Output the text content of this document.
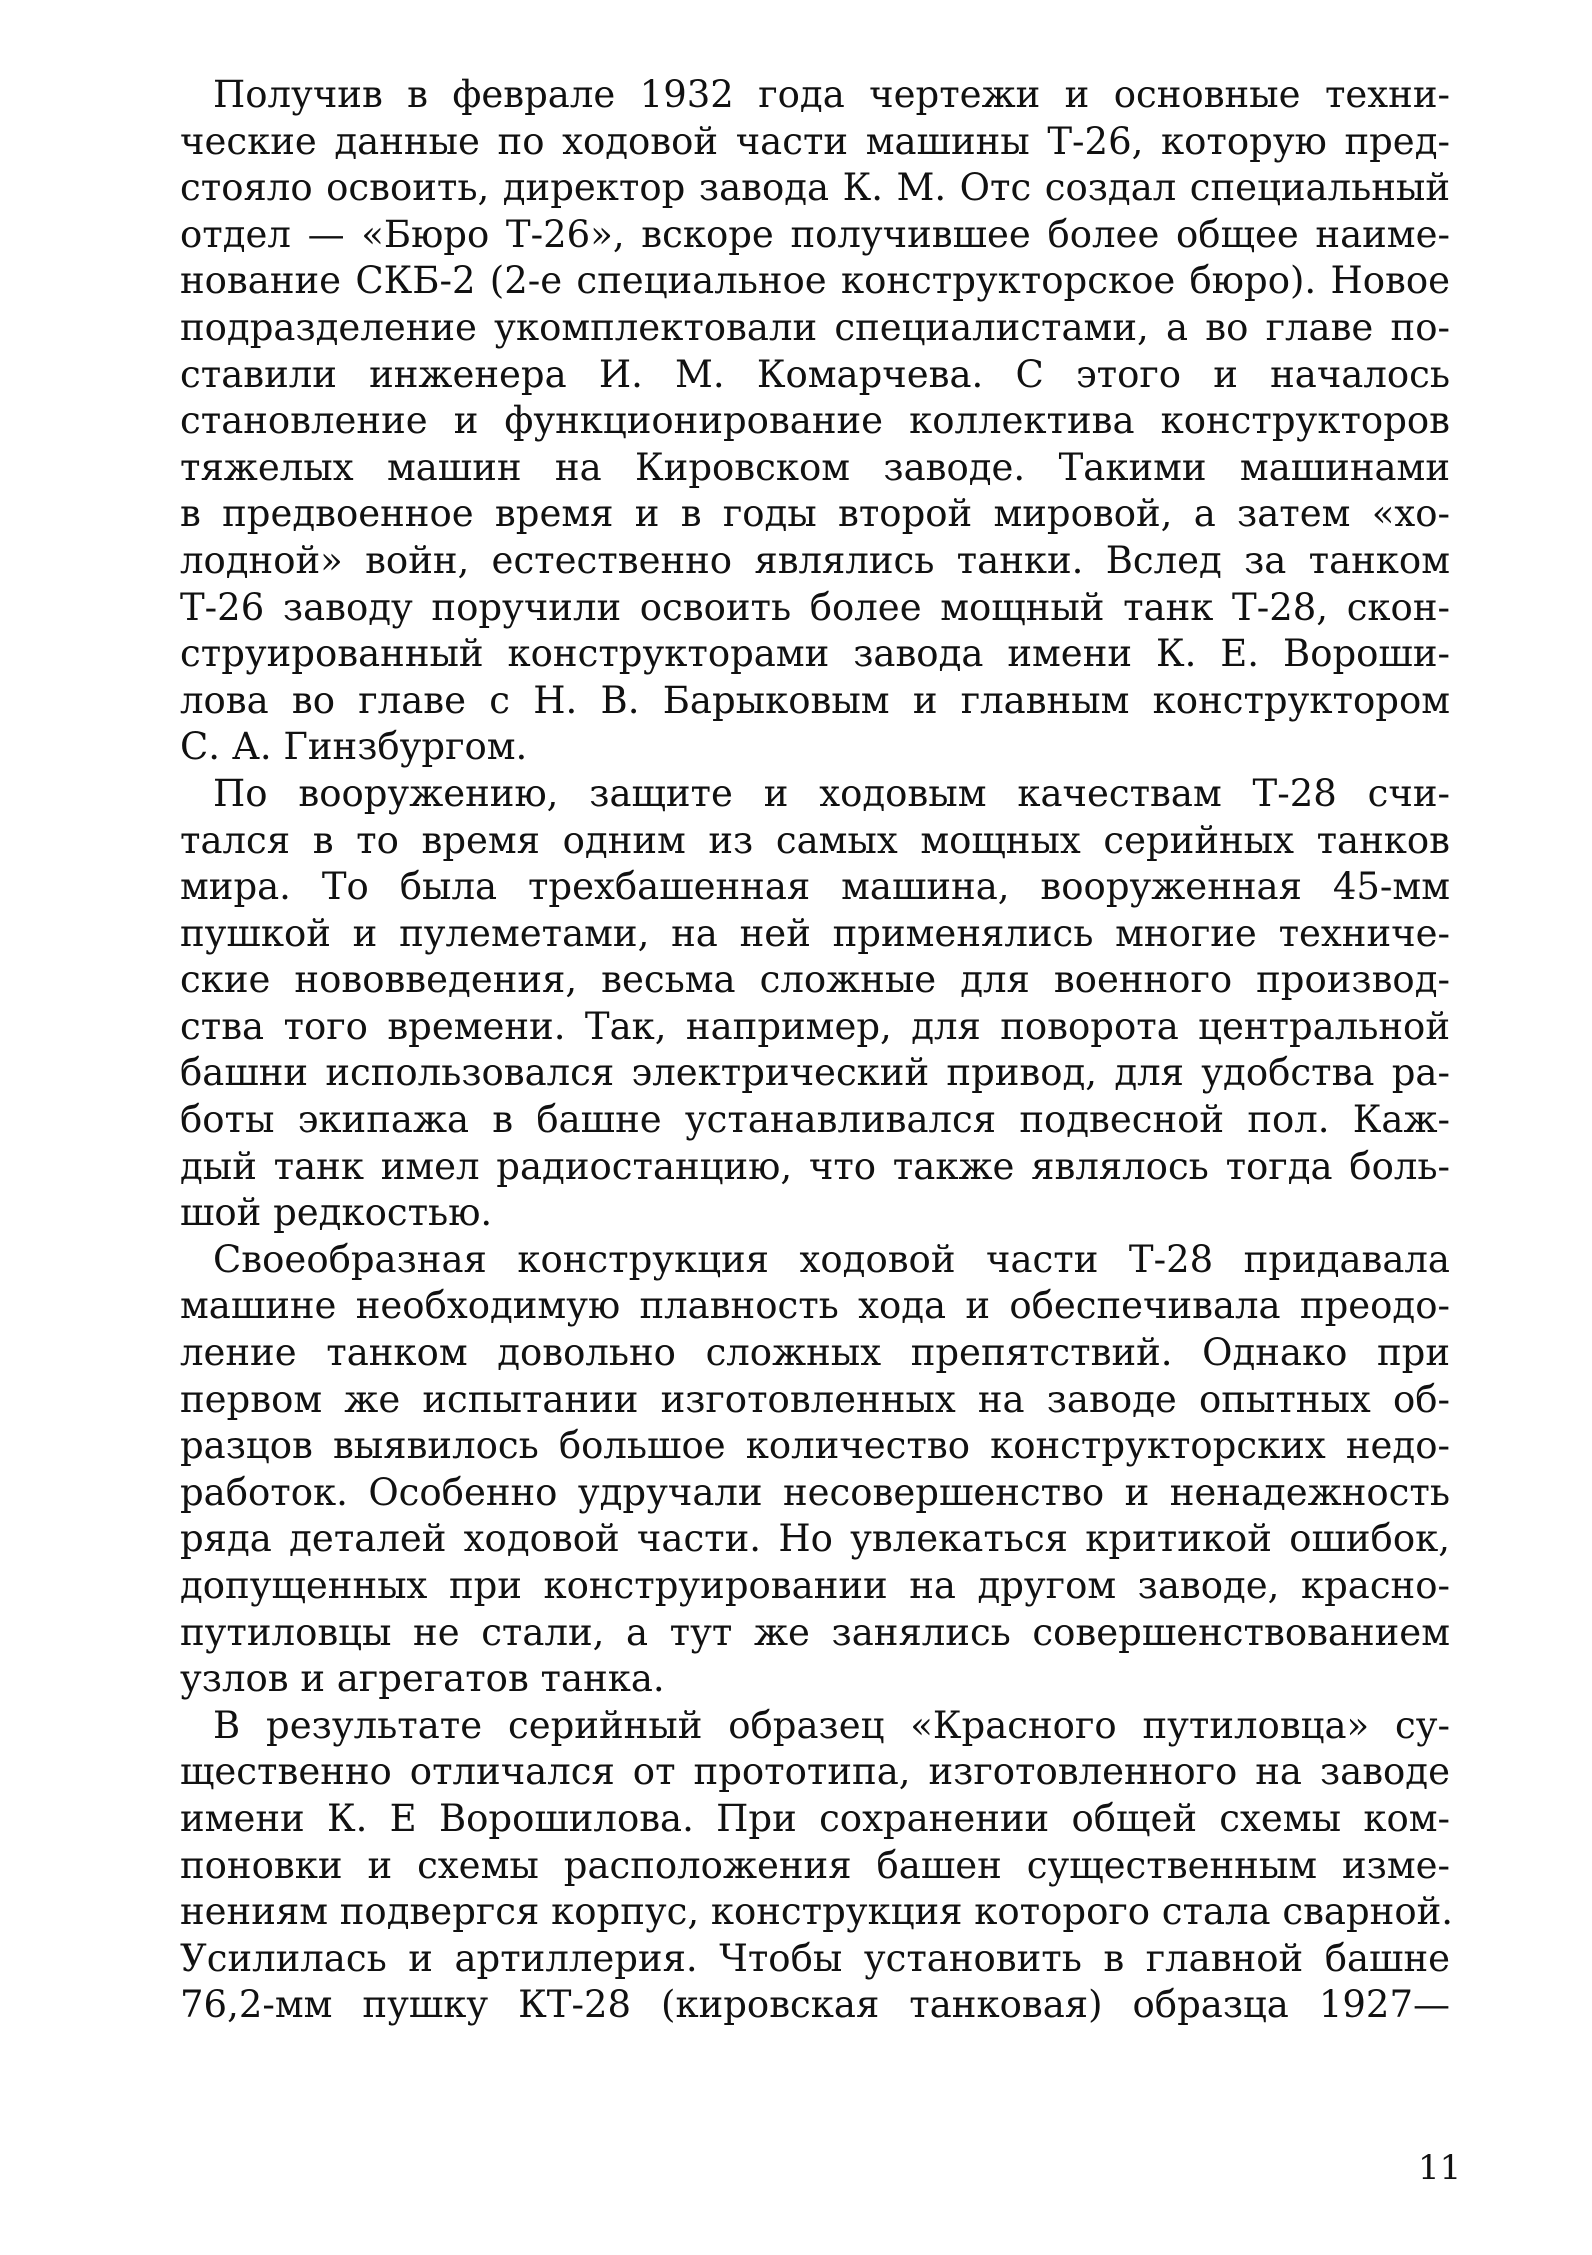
Получив в феврале 1932 года чертежи и основные техни-
ческие данные по ходовой части машины Т-26, которую пред-
стояло освоить, директор завода К. М. Отс создал специальный
отдел — «Бюро Т-26», вскоре получившее более общее наиме-
нование СКБ-2 (2-е специальное конструкторское бюро). Новое
подразделение укомплектовали специалистами, а во главе по-
ставили инженера И. М. Комарчева. С этого и началось
становление и функционирование коллектива конструкторов
тяжелых машин на Кировском заводе. Такими машинами
в предвоенное время и в годы второй мировой, а затем «хо-
лодной» войн, естественно являлись танки. Вслед за танком
Т-26 заводу поручили освоить более мощный танк Т-28, скон-
струированный конструкторами завода имени К. Е. Вороши-
лова во главе с Н. В. Барыковым и главным конструктором
С. А. Гинзбургом.
По вооружению, защите и ходовым качествам Т-28 счи-
тался в то время одним из самых мощных серийных танков
мира. То была трехбашенная машина, вооруженная 45-мм
пушкой и пулеметами, на ней применялись многие техниче-
ские нововведения, весьма сложные для военного производ-
ства того времени. Так, например, для поворота центральной
башни использовался электрический привод, для удобства ра-
боты экипажа в башне устанавливался подвесной пол. Каж-
дый танк имел радиостанцию, что также являлось тогда боль-
шой редкостью.
Своеобразная конструкция ходовой части Т-28 придавала
машине необходимую плавность хода и обеспечивала преодо-
ление танком довольно сложных препятствий. Однако при
первом же испытании изготовленных на заводе опытных об-
разцов выявилось большое количество конструкторских недо-
работок. Особенно удручали несовершенство и ненадежность
ряда деталей ходовой части. Но увлекаться критикой ошибок,
допущенных при конструировании на другом заводе, красно-
путиловцы не стали, а тут же занялись совершенствованием
узлов и агрегатов танка.
В результате серийный образец «Красного путиловца» су-
щественно отличался от прототипа, изготовленного на заводе
имени К. Е Ворошилова. При сохранении общей схемы ком-
поновки и схемы расположения башен существенным изме-
нениям подвергся корпус, конструкция которого стала сварной.
Усилилась и артиллерия. Чтобы установить в главной башне
76,2-мм пушку КТ-28 (кировская танковая) образца 1927—
11
